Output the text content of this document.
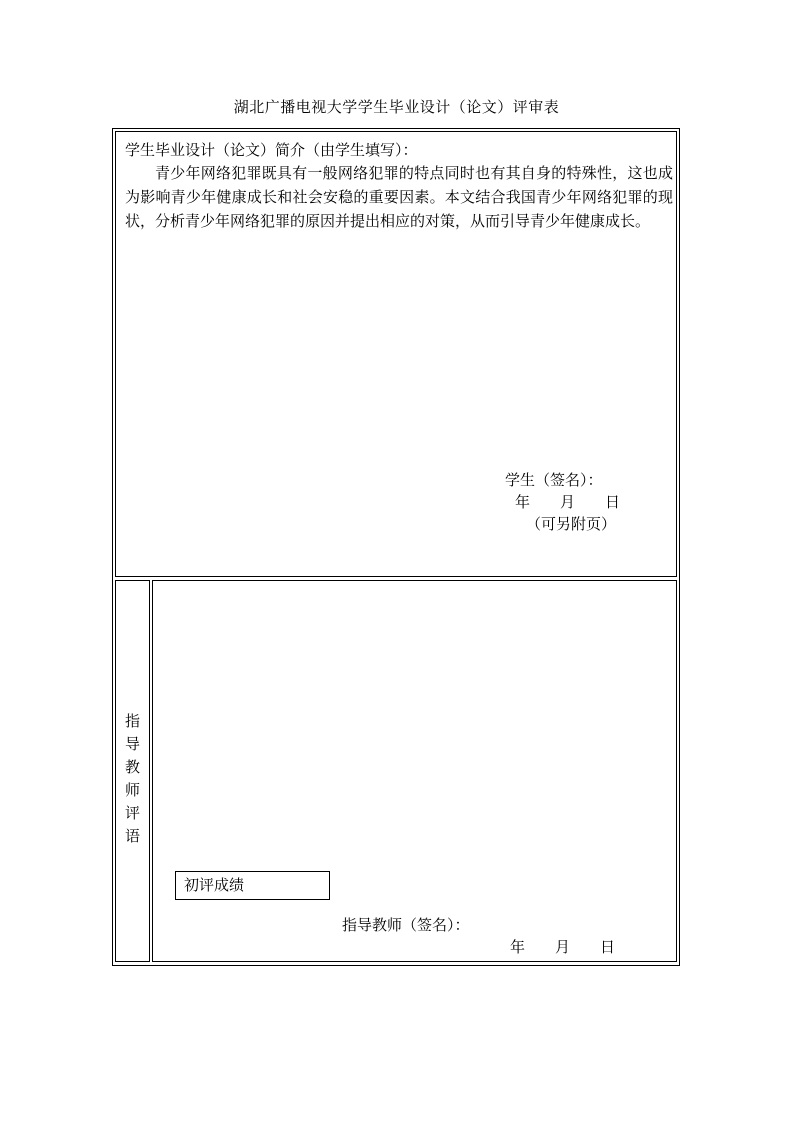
湖北广播电视大学学生毕业设计（论文）评审表
学生毕业设计（论文）简介（由学生填写）：
青少年网络犯罪既具有一般网络犯罪的特点同时也有其自身的特殊性，这也成为影响青少年健康成长和社会安稳的重要因素。本文结合我国青少年网络犯罪的现状，分析青少年网络犯罪的原因并提出相应的对策，从而引导青少年健康成长。
学生（签名）：
年　　月　　日
（可另附页）
指
导
教
师
评
语
初评成绩
指导教师（签名）：
年　　月　　日
